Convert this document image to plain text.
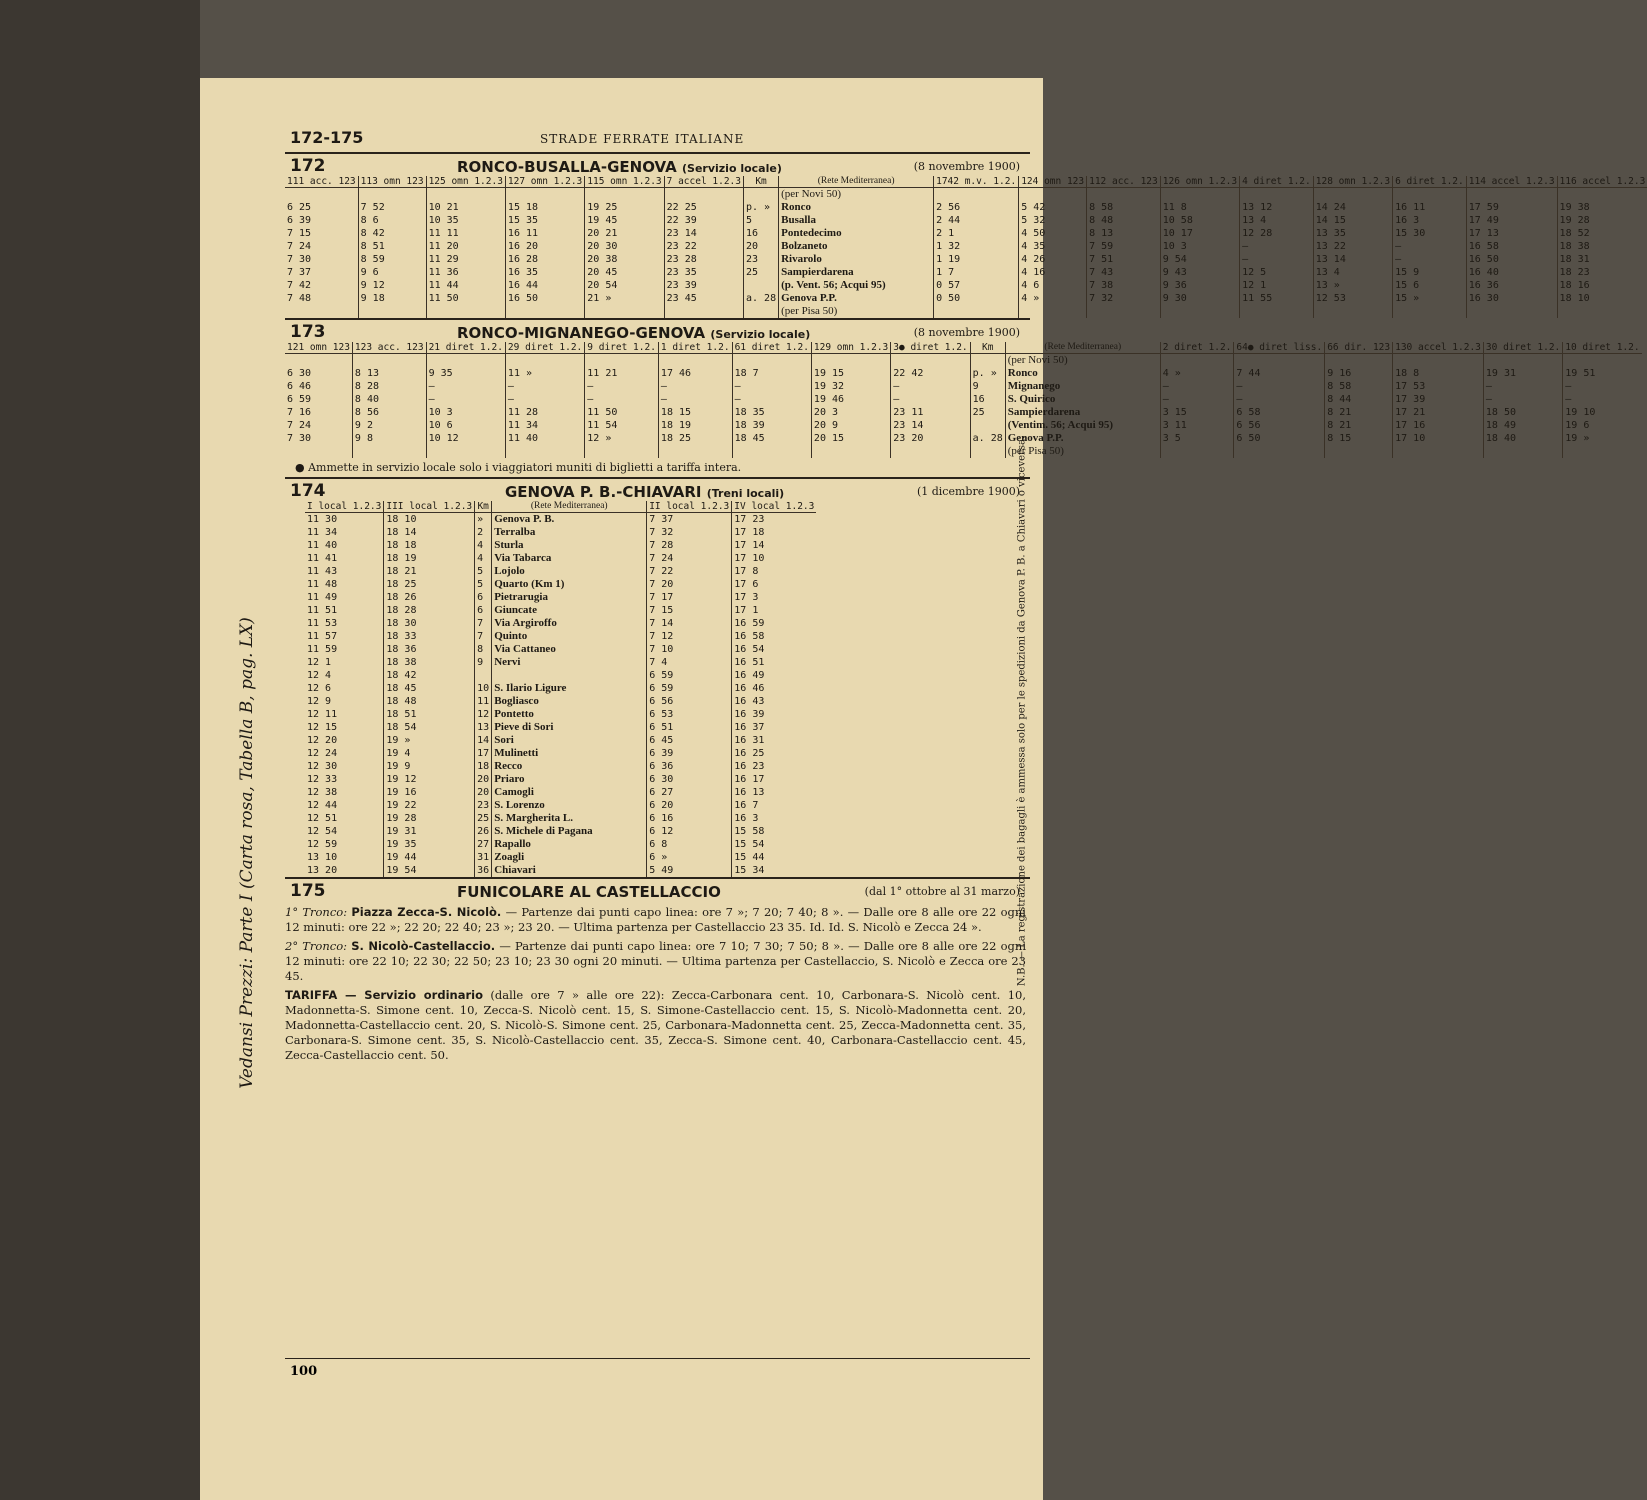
Vedansi Prezzi: Parte I (Carta rosa, Tabella B, pag. LX)
172-175	STRADE FERRATE ITALIANE
172	RONCO-BUSALLA-GENOVA (Servizio locale)	(8 novembre 1900)
111 acc. 123	113 omn 123	125 omn 1.2.3	127 omn 1.2.3	115 omn 1.2.3	7 accel 1.2.3	Km	(Rete Mediterranea)	1742 m.v. 1.2.	124 omn 123	112 acc. 123	126 omn 1.2.3	4 diret 1.2.	128 omn 1.2.3	6 diret 1.2.	114 accel 1.2.3	116 accel 1.2.3
							(per Novi 50)									
6 25	7 52	10 21	15 18	19 25	22 25	p. »	Ronco	2 56	5 42	8 58	11 8	13 12	14 24	16 11	17 59	19 38
6 39	8 6	10 35	15 35	19 45	22 39	5	Busalla	2 44	5 32	8 48	10 58	13 4	14 15	16 3	17 49	19 28
7 15	8 42	11 11	16 11	20 21	23 14	16	Pontedecimo	2 1	4 50	8 13	10 17	12 28	13 35	15 30	17 13	18 52
7 24	8 51	11 20	16 20	20 30	23 22	20	Bolzaneto	1 32	4 35	7 59	10 3	—	13 22	—	16 58	18 38
7 30	8 59	11 29	16 28	20 38	23 28	23	Rivarolo	1 19	4 26	7 51	9 54	—	13 14	—	16 50	18 31
7 37	9 6	11 36	16 35	20 45	23 35	25	Sampierdarena	1 7	4 16	7 43	9 43	12 5	13 4	15 9	16 40	18 23
7 42	9 12	11 44	16 44	20 54	23 39		(p. Vent. 56; Acqui 95)	0 57	4 6	7 38	9 36	12 1	13 »	15 6	16 36	18 16
7 48	9 18	11 50	16 50	21 »	23 45	a. 28	Genova P.P.	0 50	4 »	7 32	9 30	11 55	12 53	15 »	16 30	18 10
							(per Pisa 50)									
173	RONCO-MIGNANEGO-GENOVA (Servizio locale)	(8 novembre 1900)
121 omn 123	123 acc. 123	21 diret 1.2.	29 diret 1.2.	9 diret 1.2.	1 diret 1.2.	61 diret 1.2.	129 omn 1.2.3	3● diret 1.2.	Km	(Rete Mediterranea)	2 diret 1.2.	64● diret liss.	66 dir. 123	130 accel 1.2.3	30 diret 1.2.	10 diret 1.2.
										(per Novi 50)						
6 30	8 13	9 35	11 »	11 21	17 46	18 7	19 15	22 42	p. »	Ronco	4 »	7 44	9 16	18 8	19 31	19 51
6 46	8 28	—	—	—	—	—	19 32	—	9	Mignanego	—	—	8 58	17 53	—	—
6 59	8 40	—	—	—	—	—	19 46	—	16	S. Quirico	—	—	8 44	17 39	—	—
7 16	8 56	10 3	11 28	11 50	18 15	18 35	20 3	23 11	25	Sampierdarena	3 15	6 58	8 21	17 21	18 50	19 10
7 24	9 2	10 6	11 34	11 54	18 19	18 39	20 9	23 14		(Ventim. 56; Acqui 95)	3 11	6 56	8 21	17 16	18 49	19 6
7 30	9 8	10 12	11 40	12 »	18 25	18 45	20 15	23 20	a. 28	Genova P.P.	3 5	6 50	8 15	17 10	18 40	19 »
										(per Pisa 50)						
● Ammette in servizio locale solo i viaggiatori muniti di biglietti a tariffa intera.
174	GENOVA P. B.-CHIAVARI (Treni locali)	(1 dicembre 1900)
I local 1.2.3	III local 1.2.3	Km	(Rete Mediterranea)	II local 1.2.3	IV local 1.2.3
11 30	18 10	»	Genova P. B.	7 37	17 23
11 34	18 14	2	Terralba	7 32	17 18
11 40	18 18	4	Sturla	7 28	17 14
11 41	18 19	4	Via Tabarca	7 24	17 10
11 43	18 21	5	Lojolo	7 22	17 8
11 48	18 25	5	Quarto (Km 1)	7 20	17 6
11 49	18 26	6	Pietrarugia	7 17	17 3
11 51	18 28	6	Giuncate	7 15	17 1
11 53	18 30	7	Via Argiroffo	7 14	16 59
11 57	18 33	7	Quinto	7 12	16 58
11 59	18 36	8	Via Cattaneo	7 10	16 54
12 1	18 38	9	Nervi	7 4	16 51
12 4	18 42			6 59	16 49
12 6	18 45	10	S. Ilario Ligure	6 59	16 46
12 9	18 48	11	Bogliasco	6 56	16 43
12 11	18 51	12	Pontetto	6 53	16 39
12 15	18 54	13	Pieve di Sori	6 51	16 37
12 20	19 »	14	Sori	6 45	16 31
12 24	19 4	17	Mulinetti	6 39	16 25
12 30	19 9	18	Recco	6 36	16 23
12 33	19 12	20	Priaro	6 30	16 17
12 38	19 16	20	Camogli	6 27	16 13
12 44	19 22	23	S. Lorenzo	6 20	16 7
12 51	19 28	25	S. Margherita L.	6 16	16 3
12 54	19 31	26	S. Michele di Pagana	6 12	15 58
12 59	19 35	27	Rapallo	6 8	15 54
13 10	19 44	31	Zoagli	6 »	15 44
13 20	19 54	36	Chiavari	5 49	15 34	N.B. — La registrazione dei bagagli è ammessa solo per le spedizioni da Genova P. B. a Chiavari o viceversa.
175	FUNICOLARE AL CASTELLACCIO	(dal 1° ottobre al 31 marzo)

1° Tronco: Piazza Zecca-S. Nicolò. — Partenze dai punti capo linea: ore 7 »; 7 20; 7 40; 8 ». — Dalle ore 8 alle ore 22 ogni 12 minuti: ore 22 »; 22 20; 22 40; 23 »; 23 20. — Ultima partenza per Castellaccio 23 35. Id. Id. S. Nicolò e Zecca 24 ».

2° Tronco: S. Nicolò-Castellaccio. — Partenze dai punti capo linea: ore 7 10; 7 30; 7 50; 8 ». — Dalle ore 8 alle ore 22 ogni 12 minuti: ore 22 10; 22 30; 22 50; 23 10; 23 30 ogni 20 minuti. — Ultima partenza per Castellaccio, S. Nicolò e Zecca ore 23 45.

TARIFFA — Servizio ordinario (dalle ore 7 » alle ore 22): Zecca-Carbonara cent. 10, Carbonara-S. Nicolò cent. 10, Madonnetta-S. Simone cent. 10, Zecca-S. Nicolò cent. 15, S. Simone-Castellaccio cent. 15, S. Nicolò-Madonnetta cent. 20, Madonnetta-Castellaccio cent. 20, S. Nicolò-S. Simone cent. 25, Carbonara-Madonnetta cent. 25, Zecca-Madonnetta cent. 35, Carbonara-S. Simone cent. 35, S. Nicolò-Castellaccio cent. 35, Zecca-S. Simone cent. 40, Carbonara-Castellaccio cent. 45, Zecca-Castellaccio cent. 50.

100
